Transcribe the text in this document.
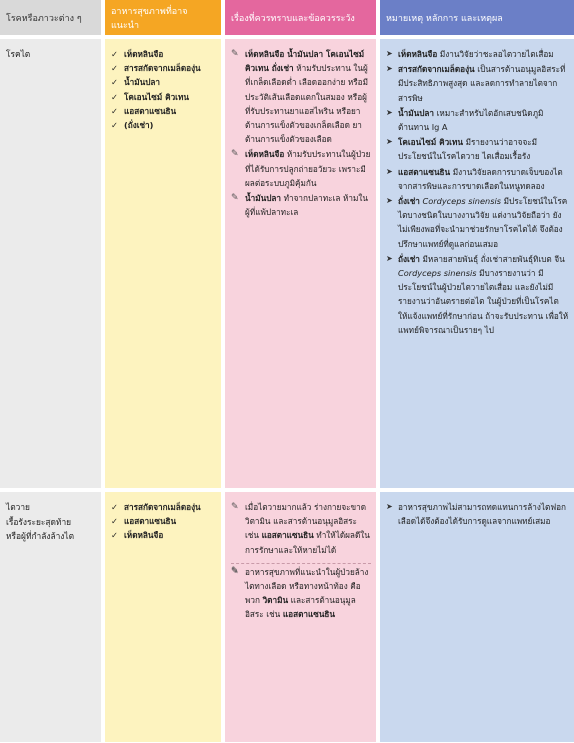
โรคหรือภาวะต่าง ๆ
อาหารสุขภาพที่อาจแนะนำ
เรื่องที่ควรทราบและข้อควรระวัง	หมายเหตุ หลักการ และเหตุผล
โรคไต
✓	เห็ดหลินจือ
✓ สารสกัดจากเมล็ดองุ่น
✓ น้ำมันปลา
✓ โคเอนไซม์ คิวเทน
✓ แอสตาแซนธิน
✓ (ถั่งเช่า)
✎ เห็ดหลินจือ น้ำมันปลา โคเอนไซม์ คิวเทน ถั่งเช่า ห้ามรับประทาน ในผู้ที่เกล็ดเลือดต่ำ เลือดออกง่าย หรือมีประวัติเส้นเลือดแตกในสมอง หรือผู้ที่รับประทานยาแอสไพริน หรือยาต้านการแข็งตัวของเกล็ดเลือด ยาต้านการแข็งตัวของเลือด
✎ เห็ดหลินจือ ห้ามรับประทานในผู้ป่วยที่ได้รับการปลูกถ่ายอวัยวะ เพราะมีผลต่อระบบภูมิคุ้มกัน
✎ น้ำมันปลา ทำจากปลาทะเล ห้ามในผู้ที่แพ้ปลาทะเล
➤ เห็ดหลินจือ มีงานวิจัยว่าชะลอไตวายไตเสื่อม
➤ สารสกัดจากเมล็ดองุ่น เป็นสารต้านอนุมูลอิสระที่มีประสิทธิภาพสูงสุด และลดการทำลายไตจากสารพิษ
➤ น้ำมันปลา เหมาะสำหรับไตอักเสบชนิดภูมิต้านทาน Ig A
➤ โคเอนไซม์ คิวเทน มีรายงานว่าอาจจะมีประโยชน์ในโรคไตวาย ไตเสื่อมเรื้อรัง
➤ แอสตาแซนธิน มีงานวิจัยลดการบาดเจ็บของไตจากสารพิษและการขาดเลือดในหนูทดลอง
➤ ถั่งเช่า Cordyceps sinensis มีประโยชน์ในโรคไตบางชนิดในบางงานวิจัย แต่งานวิจัยถือว่า ยังไม่เพียงพอที่จะนำมาช่วยรักษาโรคไตได้ จึงต้องปรึกษาแพทย์ที่ดูแลก่อนเสมอ
➤ ถั่งเช่า มีหลายสายพันธุ์ ถั่งเช่าสายพันธุ์ทิเบต จีน Cordyceps sinensis มีบางรายงานว่า มีประโยชน์ในผู้ป่วยไตวายไตเสื่อม และยังไม่มีรายงานว่าอันตรายต่อไต ในผู้ป่วยที่เป็นโรคไต ให้แจ้งแพทย์ที่รักษาก่อน ถ้าจะรับประทาน เพื่อให้แพทย์พิจารณาเป็นรายๆ ไป
ไตวาย
เรื้อรังระยะสุดท้าย
หรือผู้ที่กำลังล้างไต
✓ สารสกัดจากเมล็ดองุ่น
✓ แอสตาแซนธิน
✓ เห็ดหลินจือ
✎ เมื่อไตวายมากแล้ว ร่างกายจะขาดวิตามิน และสารต้านอนุมูลอิสระ เช่น แอสตาแซนธิน ทำให้ได้ผลดีในการรักษาและให้หายไม่ได้
✎
✎ อาหารสุขภาพที่แนะนำในผู้ป่วยล้างไตทางเลือด หรือทางหน้าท้อง คือพวก วิตามิน และสารต้านอนุมูลอิสระ เช่น แอสตาแซนธิน
➤ อาหารสุขภาพไม่สามารถทดแทนการล้างไตฟอกเลือดได้จึงต้องได้รับการดูแลจากแพทย์เสมอ
